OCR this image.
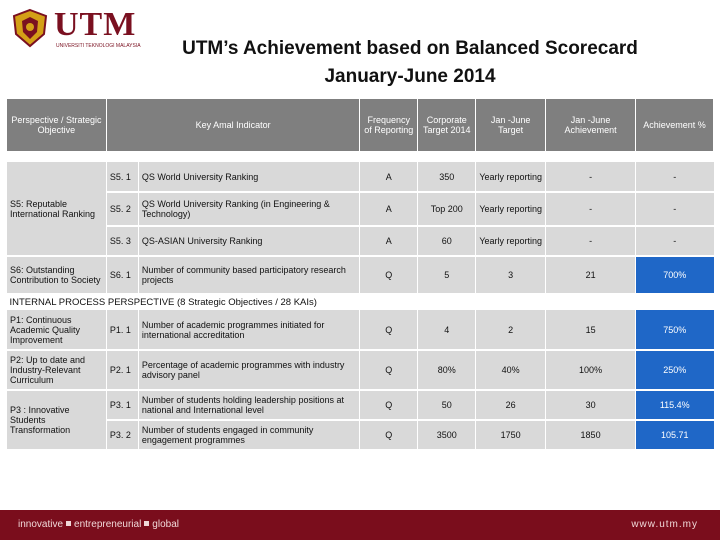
UTM
UNIVERSITI TEKNOLOGI MALAYSIA	UTM’s Achievement based on Balanced Scorecard
January-June 2014
Perspective / Strategic Objective	Key Amal Indicator		Frequency of Reporting	Corporate Target 2014	Jan -June Target	Jan -June Achievement	Achievement %

S5: Reputable International Ranking	S5. 1	QS World University Ranking	A	350	Yearly reporting	-	-
	S5. 2	QS World University Ranking (in Engineering & Technology)	A	Top 200	Yearly reporting	-	-
	S5. 3	QS-ASIAN University Ranking	A	60	Yearly reporting	-	-
S6: Outstanding Contribution to Society	S6. 1	Number of community based participatory research projects	Q	5	3	21	700%
INTERNAL PROCESS PERSPECTIVE (8 Strategic Objectives / 28 KAIs)							
P1: Continuous Academic Quality Improvement	P1. 1	Number of academic programmes initiated for international accreditation	Q	4	2	15	750%
P2: Up to date and Industry-Relevant Curriculum	P2. 1	Percentage of academic programmes with industry advisory panel	Q	80%	40%	100%	250%
P3 : Innovative Students Transformation	P3. 1	Number of students holding leadership positions at national and International level	Q	50	26	30	115.4%
	P3. 2	Number of students engaged in community engagement programmes	Q	3500	1750	1850	105.71
innovative entrepreneurial global	www.utm.my
